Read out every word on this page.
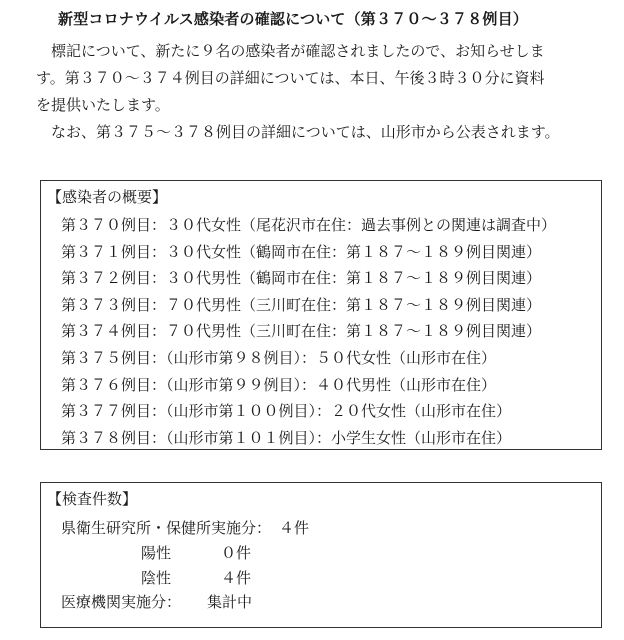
新型コロナウイルス感染者の確認について（第３７０～３７８例目）
　標記について、新たに９名の感染者が確認されましたので、お知らせしま
す。第３７０～３７４例目の詳細については、本日、午後３時３０分に資料
を提供いたします。
　なお、第３７５～３７８例目の詳細については、山形市から公表されます。
【感染者の概要】
第３７０例目：３０代女性（尾花沢市在住：過去事例との関連は調査中）
第３７１例目：３０代女性（鶴岡市在住：第１８７～１８９例目関連）
第３７２例目：３０代男性（鶴岡市在住：第１８７～１８９例目関連）
第３７３例目：７０代男性（三川町在住：第１８７～１８９例目関連）
第３７４例目：７０代男性（三川町在住：第１８７～１８９例目関連）
第３７５例目：（山形市第９８例目）：５０代女性（山形市在住）
第３７６例目：（山形市第９９例目）：４０代男性（山形市在住）
第３７７例目：（山形市第１００例目）：２０代女性（山形市在住）
第３７８例目：（山形市第１０１例目）：小学生女性（山形市在住）
【検査件数】
県衛生研究所・保健所実施分： ４件
陽性	０件
陰性	４件
医療機関実施分： 集計中
